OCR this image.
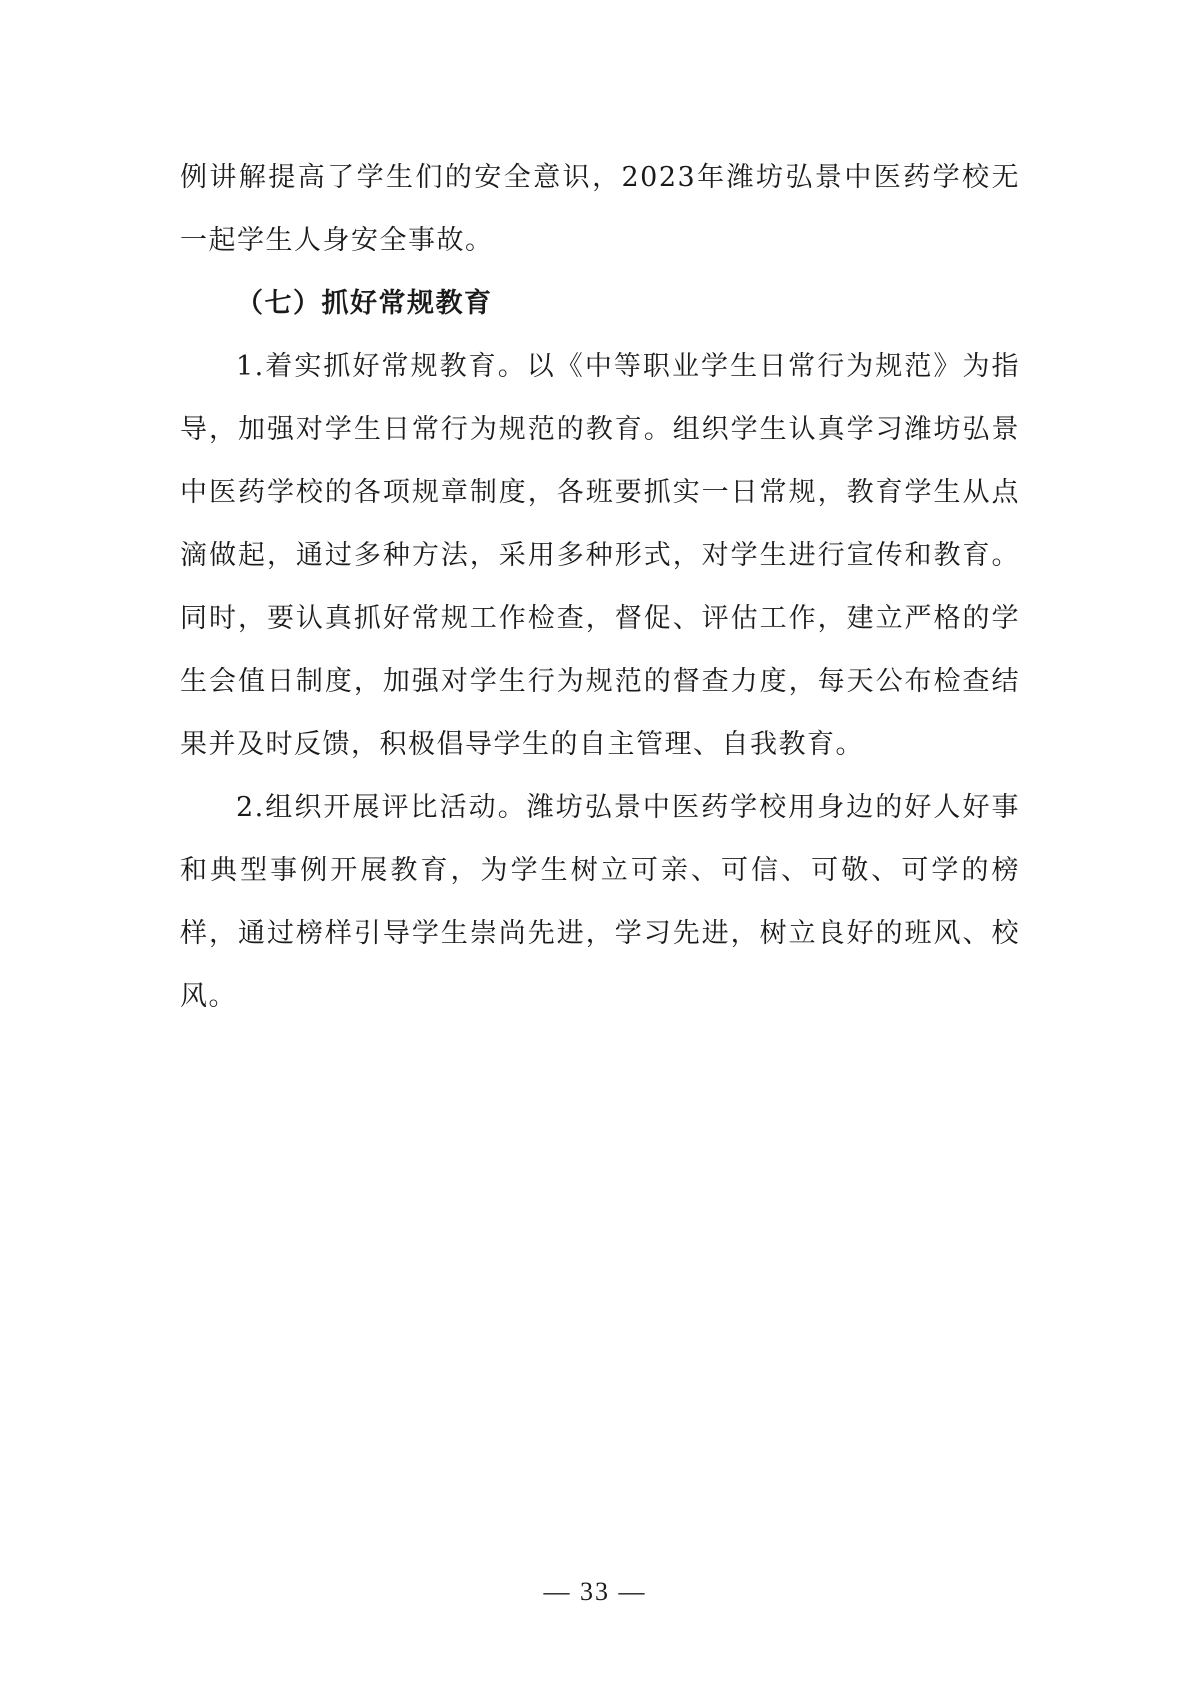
例讲解提高了学生们的安全意识，2023年潍坊弘景中医药学校无一起学生人身安全事故。

（七）抓好常规教育

1.着实抓好常规教育。以《中等职业学生日常行为规范》为指导，加强对学生日常行为规范的教育。组织学生认真学习潍坊弘景中医药学校的各项规章制度，各班要抓实一日常规，教育学生从点滴做起，通过多种方法，采用多种形式，对学生进行宣传和教育。同时，要认真抓好常规工作检查，督促、评估工作，建立严格的学生会值日制度，加强对学生行为规范的督查力度，每天公布检查结果并及时反馈，积极倡导学生的自主管理、自我教育。

2.组织开展评比活动。潍坊弘景中医药学校用身边的好人好事和典型事例开展教育，为学生树立可亲、可信、可敬、可学的榜样，通过榜样引导学生崇尚先进，学习先进，树立良好的班风、校风。

— 33 —
